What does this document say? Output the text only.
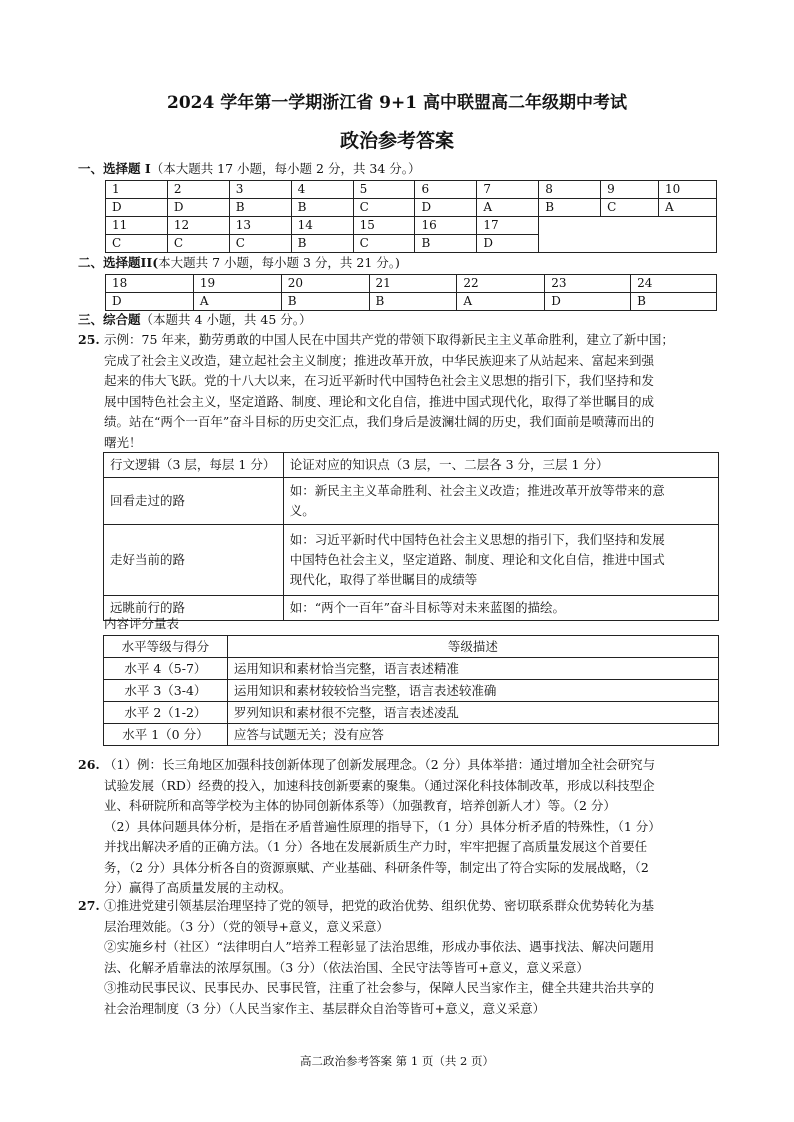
2024 学年第一学期浙江省 9+1 高中联盟高二年级期中考试
政治参考答案
一、选择题 I（本大题共 17 小题，每小题 2 分，共 34 分。）
1	2	3	4	5	6	7	8	9	10
D	D	B	B	C	D	A	B	C	A
11	12	13	14	15	16	17			
C	C	C	B	C	B	D			
二、选择题II(本大题共 7 小题，每小题 3 分，共 21 分。)
18	19	20	21	22	23	24
D	A	B	B	A	D	B
三、综合题（本题共 4 小题，共 45 分。）
25. 示例：75 年来，勤劳勇敢的中国人民在中国共产党的带领下取得新民主主义革命胜利，建立了新中国；
完成了社会主义改造，建立起社会主义制度；推进改革开放，中华民族迎来了从站起来、富起来到强
起来的伟大飞跃。党的十八大以来，在习近平新时代中国特色社会主义思想的指引下，我们坚持和发
展中国特色社会主义，坚定道路、制度、理论和文化自信，推进中国式现代化，取得了举世瞩目的成
绩。站在“两个一百年”奋斗目标的历史交汇点，我们身后是波澜壮阔的历史，我们面前是喷薄而出的
曙光！
行文逻辑（3 层，每层 1 分）	论证对应的知识点（3 层，一、二层各 3 分，三层 1 分）
回看走过的路	如：新民主主义革命胜利、社会主义改造；推进改革开放等带来的意
义。

走好当前的路	如：习近平新时代中国特色社会主义思想的指引下，我们坚持和发展
中国特色社会主义，坚定道路、制度、理论和文化自信，推进中国式
现代化，取得了举世瞩目的成绩等

远眺前行的路	如：“两个一百年”奋斗目标等对未来蓝图的描绘。
内容评分量表
水平等级与得分	等级描述
水平 4（5-7）	运用知识和素材恰当完整，语言表述精准
水平 3（3-4）	运用知识和素材较较恰当完整，语言表述较准确
水平 2（1-2）	罗列知识和素材很不完整，语言表述凌乱
水平 1（0 分）	应答与试题无关；没有应答
26. （1）例：长三角地区加强科技创新体现了创新发展理念。（2 分）具体举措：通过增加全社会研究与
试验发展（RD）经费的投入，加速科技创新要素的聚集。（通过深化科技体制改革，形成以科技型企
业、科研院所和高等学校为主体的协同创新体系等）（加强教育，培养创新人才）等。（2 分）
（2）具体问题具体分析，是指在矛盾普遍性原理的指导下，（1 分）具体分析矛盾的特殊性，（1 分）
并找出解决矛盾的正确方法。（1 分）各地在发展新质生产力时，牢牢把握了高质量发展这个首要任
务，（2 分）具体分析各自的资源禀赋、产业基础、科研条件等，制定出了符合实际的发展战略，（2
分）赢得了高质量发展的主动权。
27. ①推进党建引领基层治理坚持了党的领导，把党的政治优势、组织优势、密切联系群众优势转化为基
层治理效能。（3 分）（党的领导+意义，意义采意）
②实施乡村（社区）“法律明白人”培养工程彰显了法治思维，形成办事依法、遇事找法、解决问题用
法、化解矛盾靠法的浓厚氛围。（3 分）（依法治国、全民守法等皆可+意义，意义采意）
③推动民事民议、民事民办、民事民管，注重了社会参与，保障人民当家作主，健全共建共治共享的
社会治理制度（3 分）（人民当家作主、基层群众自治等皆可+意义，意义采意）
高二政治参考答案 第 1 页（共 2 页）
